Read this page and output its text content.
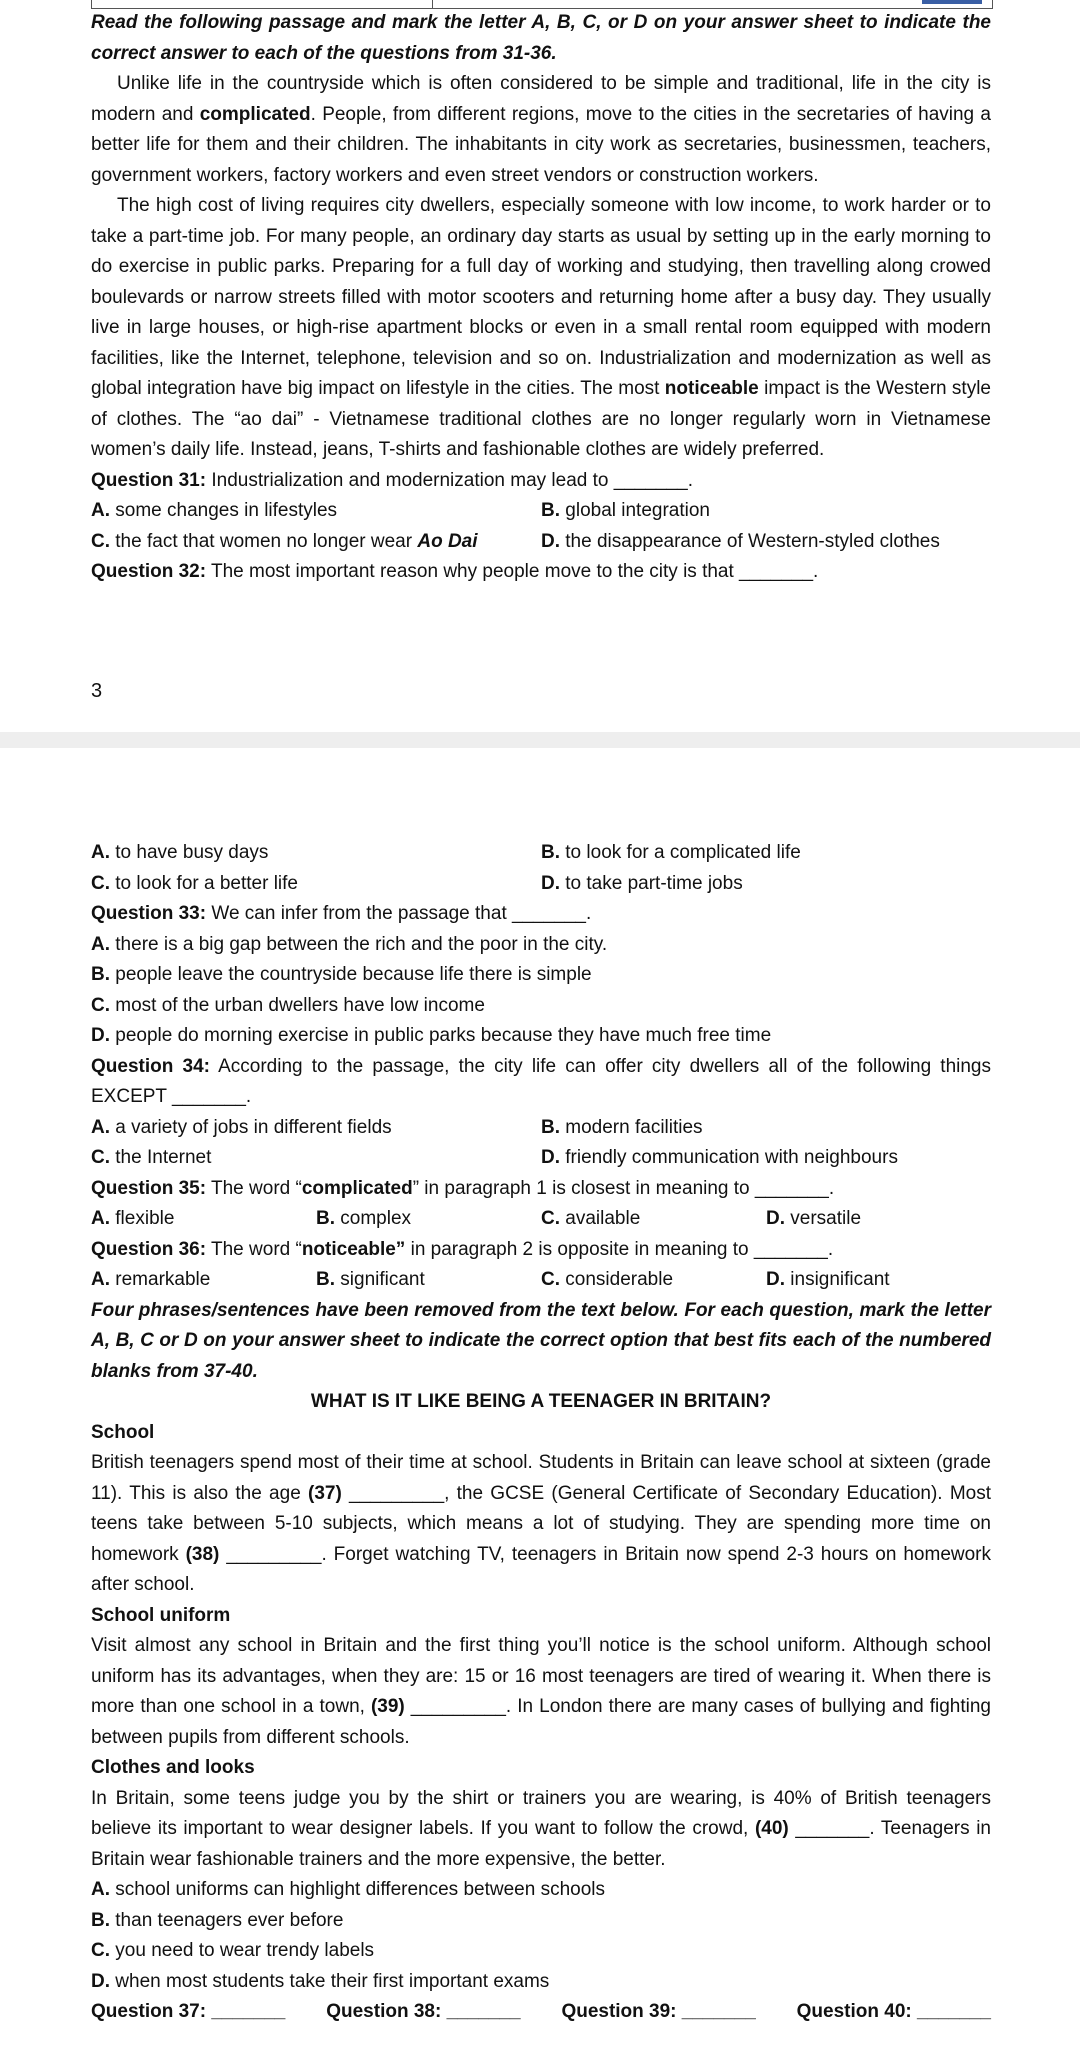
Read the following passage and mark the letter A, B, C, or D on your answer sheet to indicate the correct answer to each of the questions from 31-36.

Unlike life in the countryside which is often considered to be simple and traditional, life in the city is modern and complicated. People, from different regions, move to the cities in the secretaries of having a better life for them and their children. The inhabitants in city work as secretaries, businessmen, teachers, government workers, factory workers and even street vendors or construction workers.

The high cost of living requires city dwellers, especially someone with low income, to work harder or to take a part-time job. For many people, an ordinary day starts as usual by setting up in the early morning to do exercise in public parks. Preparing for a full day of working and studying, then travelling along crowed boulevards or narrow streets filled with motor scooters and returning home after a busy day. They usually live in large houses, or high-rise apartment blocks or even in a small rental room equipped with modern facilities, like the Internet, telephone, television and so on. Industrialization and modernization as well as global integration have big impact on lifestyle in the cities. The most noticeable impact is the Western style of clothes. The “ao dai” - Vietnamese traditional clothes are no longer regularly worn in Vietnamese women’s daily life. Instead, jeans, T-shirts and fashionable clothes are widely preferred.

Question 31: Industrialization and modernization may lead to _______.

A. some changes in lifestyles	B. global integration
C. the fact that women no longer wear Ao Dai	D. the disappearance of Western-styled clothes

Question 32: The most important reason why people move to the city is that _______.

3
A. to have busy days	B. to look for a complicated life
C. to look for a better life	D. to take part-time jobs

Question 33: We can infer from the passage that _______.

A. there is a big gap between the rich and the poor in the city.

B. people leave the countryside because life there is simple

C. most of the urban dwellers have low income

D. people do morning exercise in public parks because they have much free time

Question 34: According to the passage, the city life can offer city dwellers all of the following things EXCEPT _______.

A. a variety of jobs in different fields	B. modern facilities
C. the Internet	D. friendly communication with neighbours

Question 35: The word “complicated” in paragraph 1 is closest in meaning to _______.

A. flexible	B. complex	C. available	D. versatile

Question 36: The word “noticeable” in paragraph 2 is opposite in meaning to _______.

A. remarkable	B. significant	C. considerable	D. insignificant

Four phrases/sentences have been removed from the text below. For each question, mark the letter A, B, C or D on your answer sheet to indicate the correct option that best fits each of the numbered blanks from 37-40.

WHAT IS IT LIKE BEING A TEENAGER IN BRITAIN?

School

British teenagers spend most of their time at school. Students in Britain can leave school at sixteen (grade 11). This is also the age (37) _________, the GCSE (General Certificate of Secondary Education). Most teens take between 5-10 subjects, which means a lot of studying. They are spending more time on homework (38) _________. Forget watching TV, teenagers in Britain now spend 2-3 hours on homework after school.

School uniform

Visit almost any school in Britain and the first thing you’ll notice is the school uniform. Although school uniform has its advantages, when they are: 15 or 16 most teenagers are tired of wearing it. When there is more than one school in a town, (39) _________. In London there are many cases of bullying and fighting between pupils from different schools.

Clothes and looks

In Britain, some teens judge you by the shirt or trainers you are wearing, is 40% of British teenagers believe its important to wear designer labels. If you want to follow the crowd, (40) _______. Teenagers in Britain wear fashionable trainers and the more expensive, the better.

A. school uniforms can highlight differences between schools

B. than teenagers ever before

C. you need to wear trendy labels

D. when most students take their first important exams

Question 37: _______ Question 38: _______ Question 39: _______ Question 40: _______
